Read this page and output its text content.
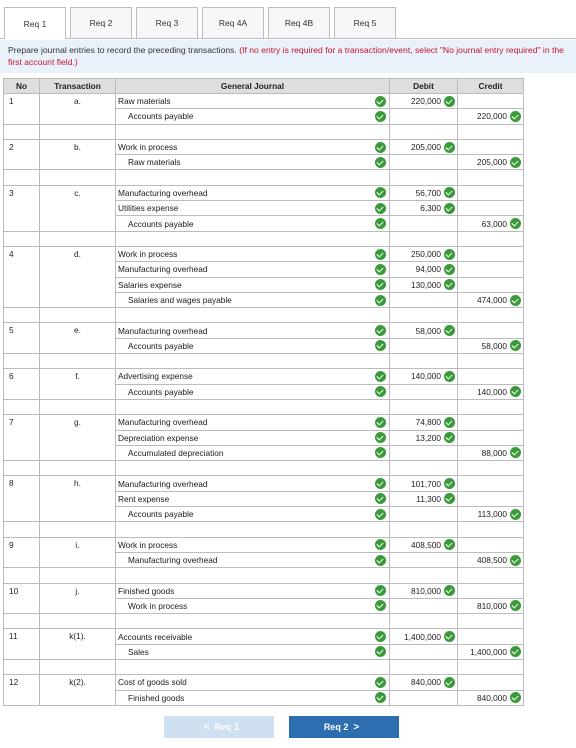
Req 1	Req 2	Req 3	Req 4A	Req 4B	Req 5
Prepare journal entries to record the preceding transactions. (If no entry is required for a transaction/event, select "No journal entry required" in the first account field.)
No	Transaction	General Journal	Debit	Credit
1	a.	Raw materials	220,000	

		Accounts payable		220,000

2	b.	Work in process	205,000	

		Raw materials		205,000

3	c.	Manufacturing overhead	56,700	

		Utilities expense	6,300	

		Accounts payable		63,000

4	d.	Work in process	250,000	

		Manufacturing overhead	94,000	

		Salaries expense	130,000	

		Salaries and wages payable		474,000

5	e.	Manufacturing overhead	58,000	

		Accounts payable		58,000

6	f.	Advertising expense	140,000	

		Accounts payable		140,000

7	g.	Manufacturing overhead	74,800	

		Depreciation expense	13,200	

		Accumulated depreciation		88,000

8	h.	Manufacturing overhead	101,700	

		Rent expense	11,300	

		Accounts payable		113,000

9	i.	Work in process	408,500	

		Manufacturing overhead		408,500

10	j.	Finished goods	810,000	

		Work in process		810,000

11	k(1).	Accounts receivable	1,400,000	

		Sales		1,400,000

12	k(2).	Cost of goods sold	840,000	

		Finished goods		840,000
< Req 1	Req 2 >
